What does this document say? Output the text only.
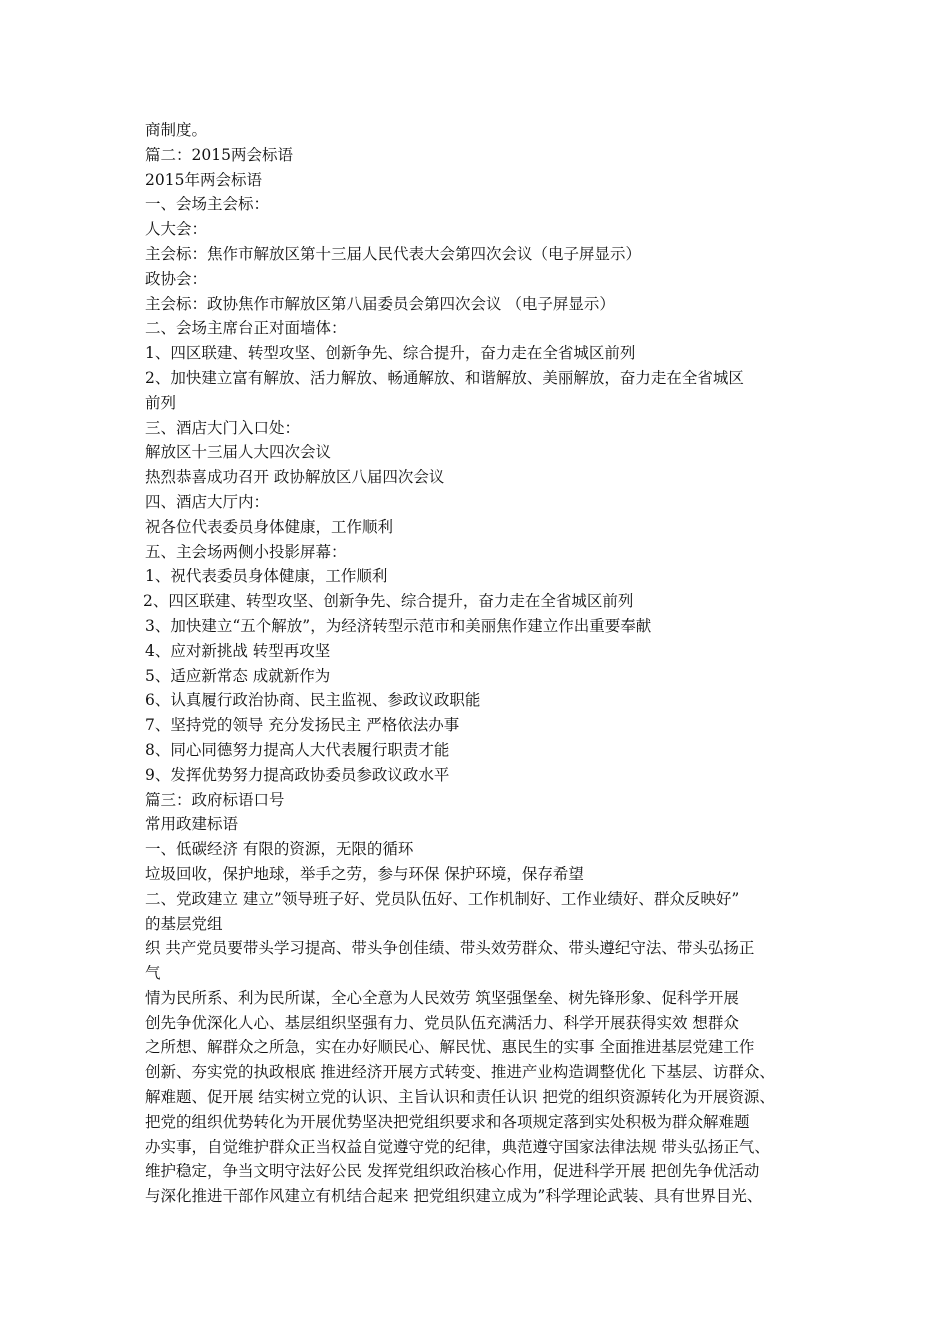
商制度。
篇二：2015两会标语
2015年两会标语
一、会场主会标：
人大会：
主会标：焦作市解放区第十三届人民代表大会第四次会议（电子屏显示）
政协会：
主会标：政协焦作市解放区第八届委员会第四次会议 （电子屏显示）
二、会场主席台正对面墙体：
1、四区联建、转型攻坚、创新争先、综合提升，奋力走在全省城区前列
2、加快建立富有解放、活力解放、畅通解放、和谐解放、美丽解放，奋力走在全省城区
前列
三、酒店大门入口处：
解放区十三届人大四次会议
热烈恭喜成功召开 政协解放区八届四次会议
四、酒店大厅内：
祝各位代表委员身体健康，工作顺利
五、主会场两侧小投影屏幕：
1、祝代表委员身体健康，工作顺利
2、四区联建、转型攻坚、创新争先、综合提升，奋力走在全省城区前列
3、加快建立“五个解放”，为经济转型示范市和美丽焦作建立作出重要奉献
4、应对新挑战 转型再攻坚
5、适应新常态 成就新作为
6、认真履行政治协商、民主监视、参政议政职能
7、坚持党的领导 充分发扬民主 严格依法办事
8、同心同德努力提高人大代表履行职责才能
9、发挥优势努力提高政协委员参政议政水平
篇三：政府标语口号
常用政建标语
一、低碳经济 有限的资源，无限的循环
垃圾回收，保护地球，举手之劳，参与环保 保护环境，保存希望
二、党政建立 建立”领导班子好、党员队伍好、工作机制好、工作业绩好、群众反映好”
的基层党组
织 共产党员要带头学习提高、带头争创佳绩、带头效劳群众、带头遵纪守法、带头弘扬正
气
情为民所系、利为民所谋，全心全意为人民效劳 筑坚强堡垒、树先锋形象、促科学开展
创先争优深化人心、基层组织坚强有力、党员队伍充满活力、科学开展获得实效 想群众
之所想、解群众之所急，实在办好顺民心、解民忧、惠民生的实事 全面推进基层党建工作
创新、夯实党的执政根底 推进经济开展方式转变、推进产业构造调整优化 下基层、访群众、
解难题、促开展 结实树立党的认识、主旨认识和责任认识 把党的组织资源转化为开展资源、
把党的组织优势转化为开展优势坚决把党组织要求和各项规定落到实处积极为群众解难题
办实事，自觉维护群众正当权益自觉遵守党的纪律，典范遵守国家法律法规 带头弘扬正气、
维护稳定，争当文明守法好公民 发挥党组织政治核心作用，促进科学开展 把创先争优活动
与深化推进干部作风建立有机结合起来 把党组织建立成为”科学理论武装、具有世界目光、
